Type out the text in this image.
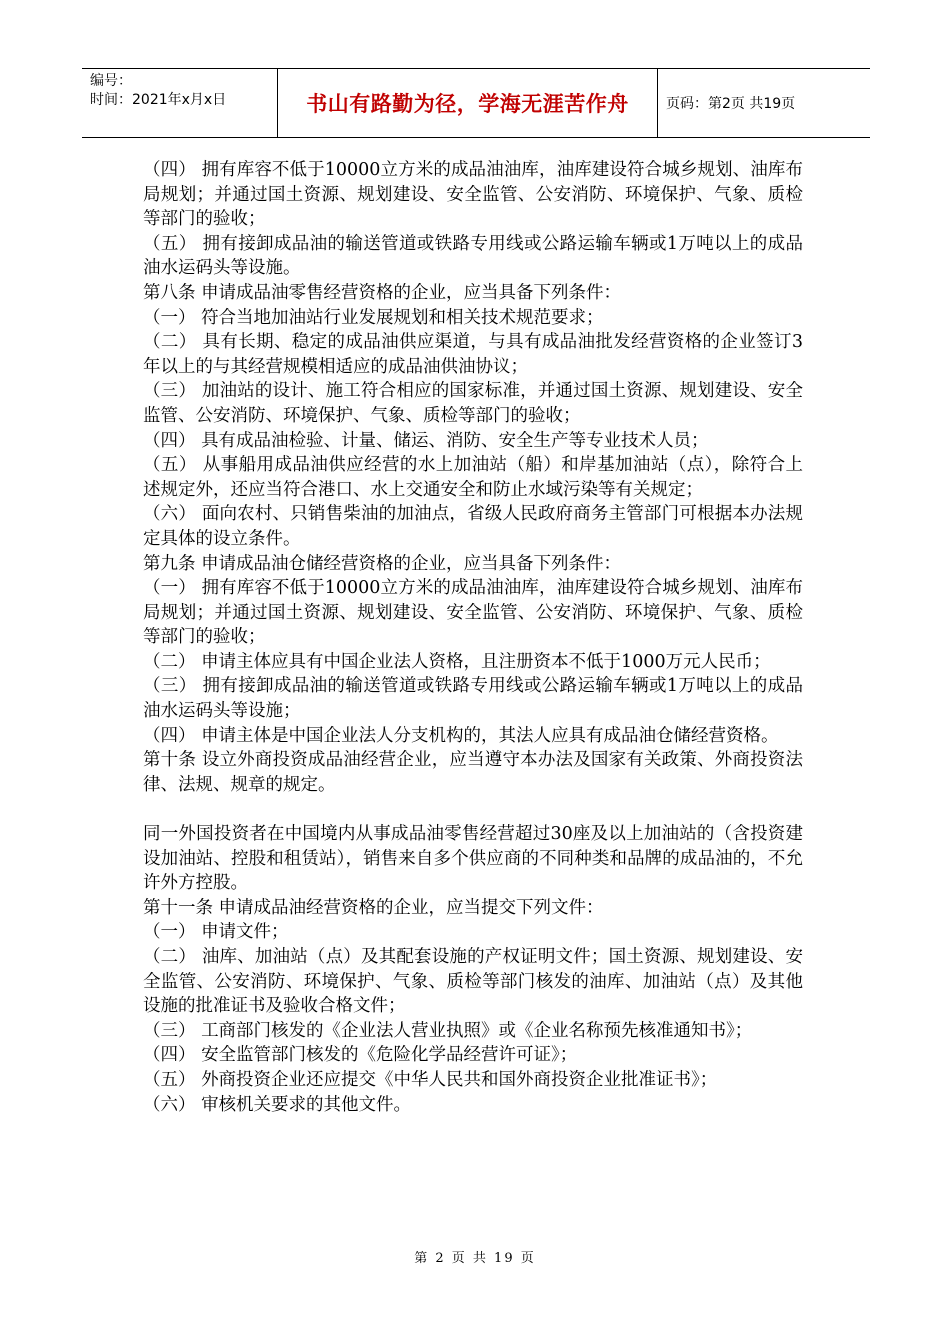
编号：
时间：2021年x月x日	书山有路勤为径，学海无涯苦作舟	页码：第2页 共19页

（四） 拥有库容不低于10000立方米的成品油油库，油库建设符合城乡规划、油库布局规划；并通过国土资源、规划建设、安全监管、公安消防、环境保护、气象、质检等部门的验收；

（五） 拥有接卸成品油的输送管道或铁路专用线或公路运输车辆或1万吨以上的成品油水运码头等设施。

第八条 申请成品油零售经营资格的企业，应当具备下列条件：

（一） 符合当地加油站行业发展规划和相关技术规范要求；

（二） 具有长期、稳定的成品油供应渠道，与具有成品油批发经营资格的企业签订3年以上的与其经营规模相适应的成品油供油协议；

（三） 加油站的设计、施工符合相应的国家标准，并通过国土资源、规划建设、安全监管、公安消防、环境保护、气象、质检等部门的验收；

（四） 具有成品油检验、计量、储运、消防、安全生产等专业技术人员；

（五） 从事船用成品油供应经营的水上加油站（船）和岸基加油站（点），除符合上述规定外，还应当符合港口、水上交通安全和防止水域污染等有关规定；

（六） 面向农村、只销售柴油的加油点，省级人民政府商务主管部门可根据本办法规定具体的设立条件。

第九条 申请成品油仓储经营资格的企业，应当具备下列条件：

（一） 拥有库容不低于10000立方米的成品油油库，油库建设符合城乡规划、油库布局规划；并通过国土资源、规划建设、安全监管、公安消防、环境保护、气象、质检等部门的验收；

（二） 申请主体应具有中国企业法人资格，且注册资本不低于1000万元人民币；

（三） 拥有接卸成品油的输送管道或铁路专用线或公路运输车辆或1万吨以上的成品油水运码头等设施；

（四） 申请主体是中国企业法人分支机构的，其法人应具有成品油仓储经营资格。

第十条 设立外商投资成品油经营企业，应当遵守本办法及国家有关政策、外商投资法律、法规、规章的规定。

同一外国投资者在中国境内从事成品油零售经营超过30座及以上加油站的（含投资建设加油站、控股和租赁站），销售来自多个供应商的不同种类和品牌的成品油的，不允许外方控股。

第十一条 申请成品油经营资格的企业，应当提交下列文件：

（一） 申请文件；

（二） 油库、加油站（点）及其配套设施的产权证明文件；国土资源、规划建设、安全监管、公安消防、环境保护、气象、质检等部门核发的油库、加油站（点）及其他设施的批准证书及验收合格文件；

（三） 工商部门核发的《企业法人营业执照》或《企业名称预先核准通知书》；

（四） 安全监管部门核发的《危险化学品经营许可证》；

（五） 外商投资企业还应提交《中华人民共和国外商投资企业批准证书》；

（六） 审核机关要求的其他文件。

第 2 页 共 19 页
